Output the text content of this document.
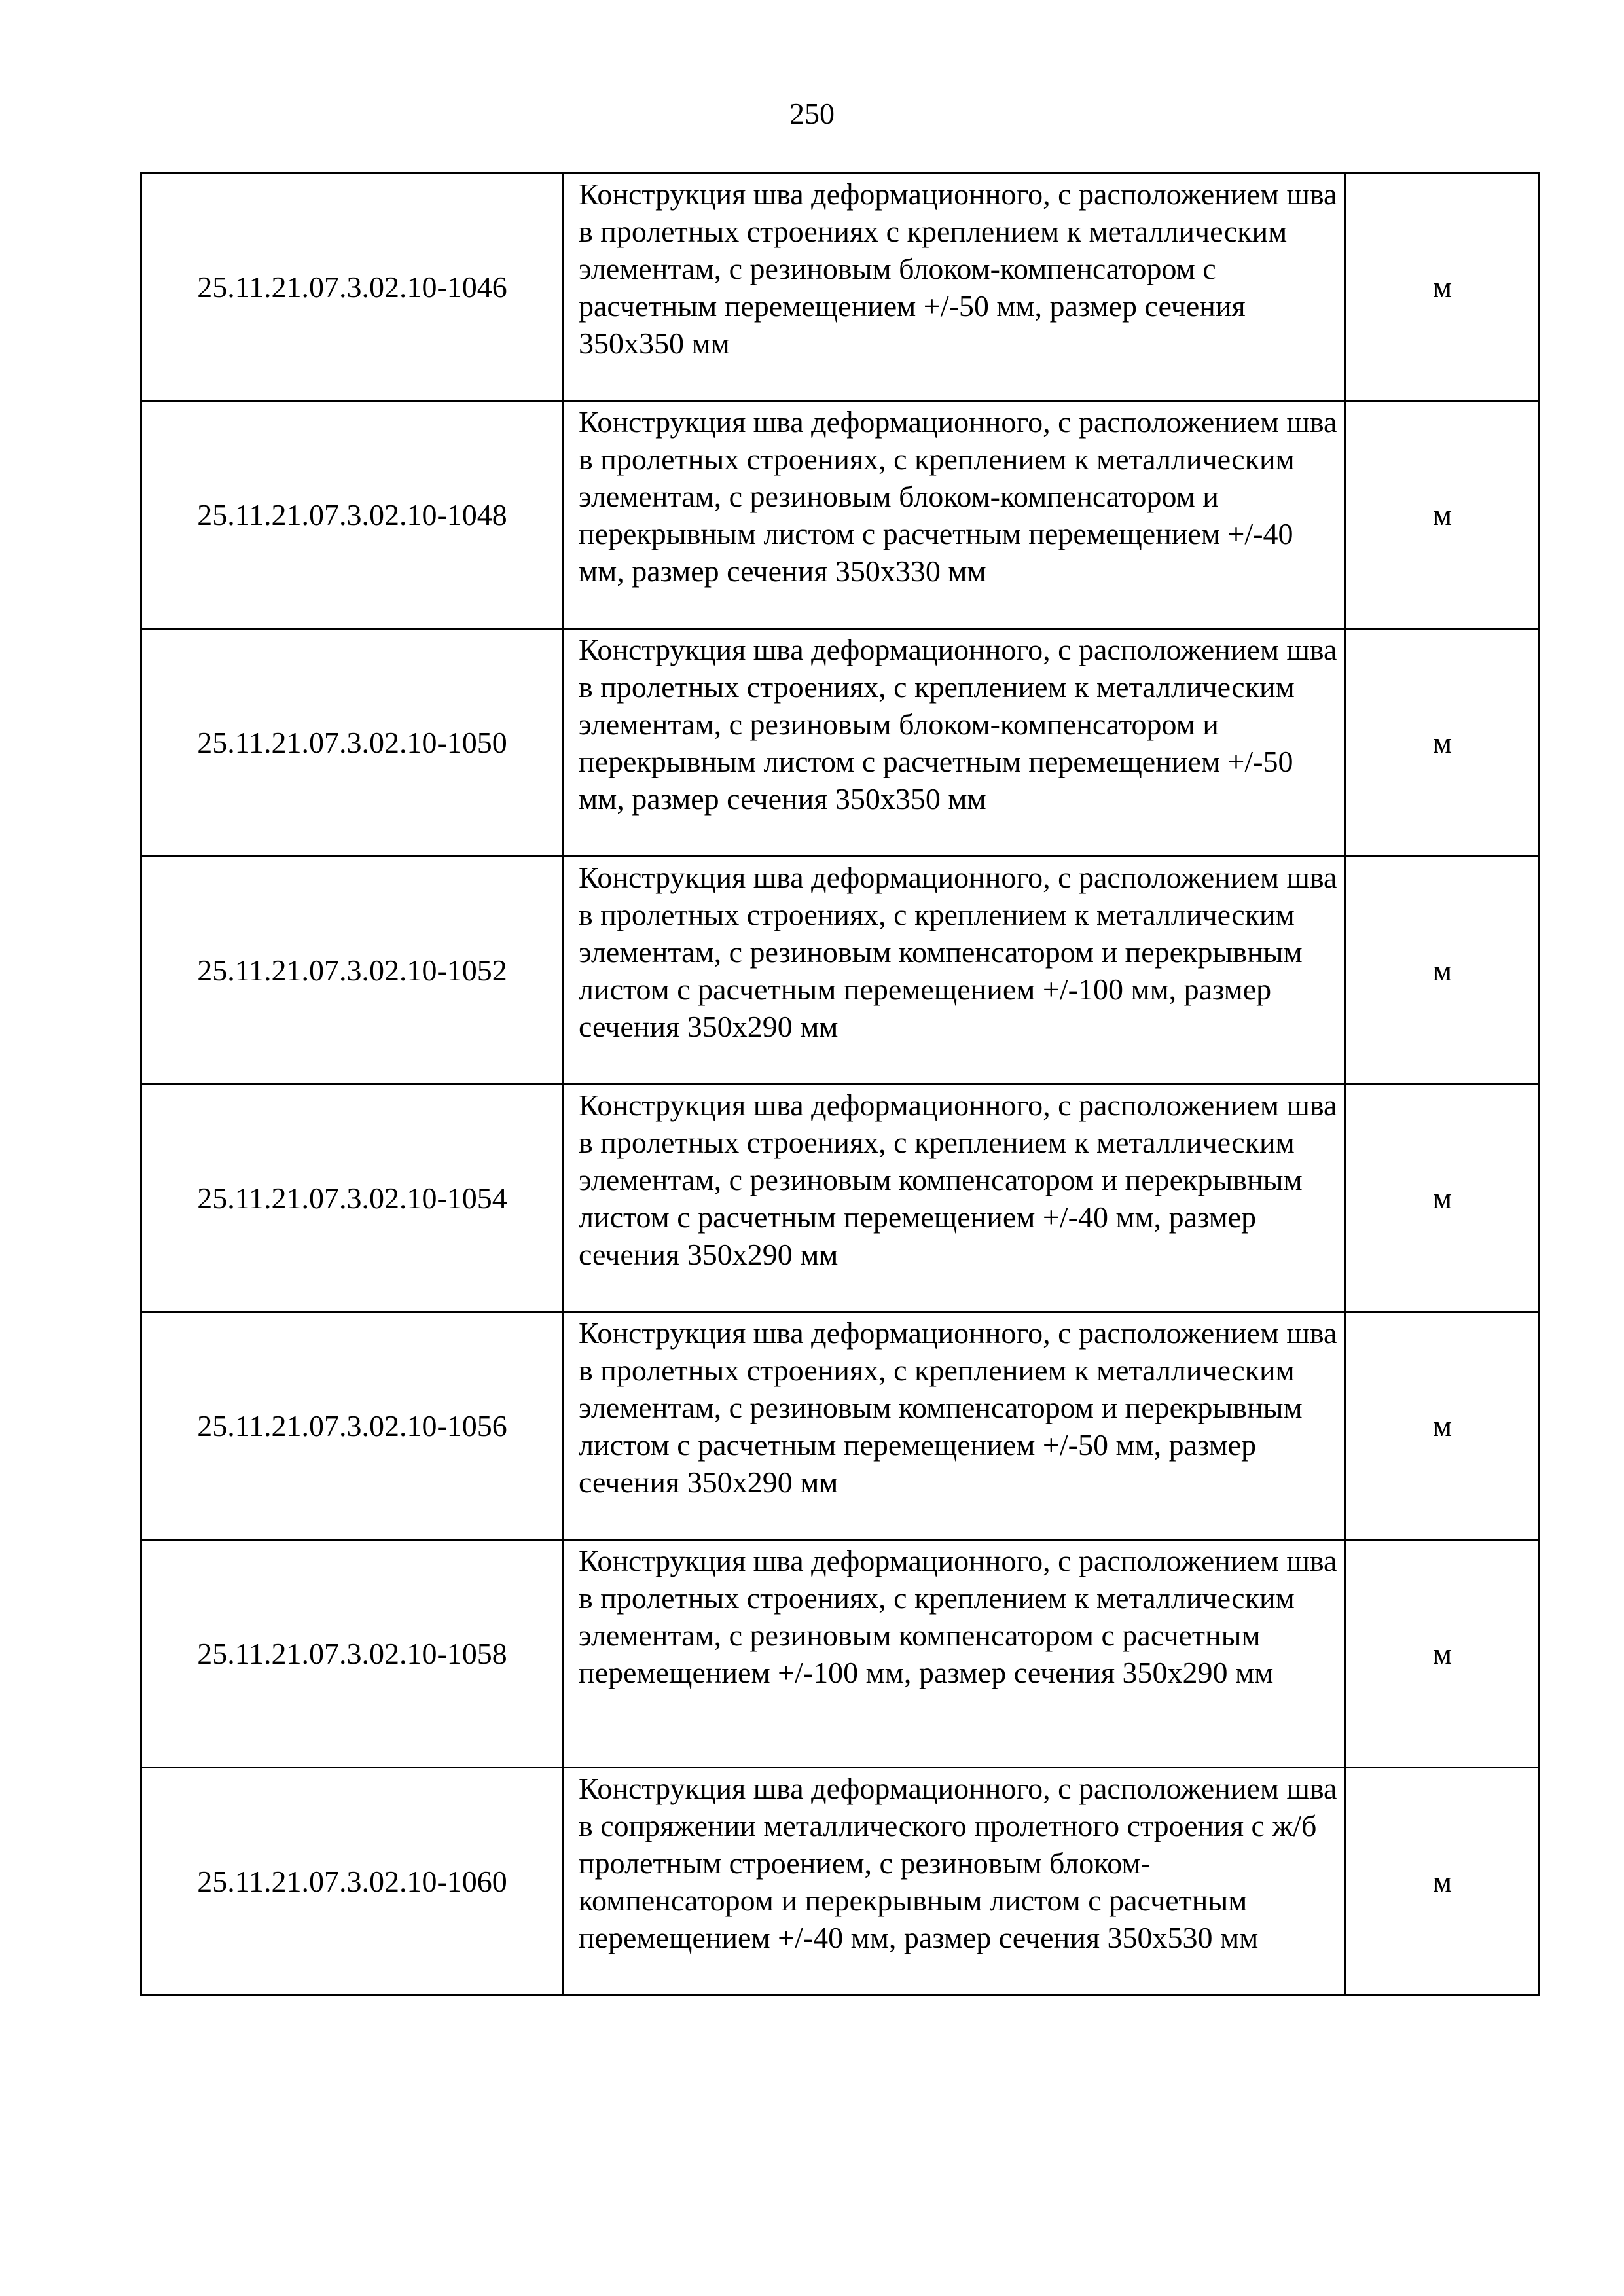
250
25.11.21.07.3.02.10-1046	Конструкция шва деформационного, с расположением шва в пролетных строениях с креплением к металлическим элементам, с резиновым блоком-компенсатором с расчетным перемещением +/-50 мм, размер сечения 350x350 мм	м
25.11.21.07.3.02.10-1048	Конструкция шва деформационного, с расположением шва в пролетных строениях, с креплением к металлическим элементам, с резиновым блоком-компенсатором и перекрывным листом с расчетным перемещением +/-40 мм, размер сечения 350x330 мм	м
25.11.21.07.3.02.10-1050	Конструкция шва деформационного, с расположением шва в пролетных строениях, с креплением к металлическим элементам, с резиновым блоком-компенсатором и перекрывным листом с расчетным перемещением +/-50 мм, размер сечения 350x350 мм	м
25.11.21.07.3.02.10-1052	Конструкция шва деформационного, с расположением шва в пролетных строениях, с креплением к металлическим элементам, с резиновым компенсатором и перекрывным листом с расчетным перемещением +/-100 мм, размер сечения 350x290 мм	м
25.11.21.07.3.02.10-1054	Конструкция шва деформационного, с расположением шва в пролетных строениях, с креплением к металлическим элементам, с резиновым компенсатором и перекрывным листом с расчетным перемещением +/-40 мм, размер сечения 350x290 мм	м
25.11.21.07.3.02.10-1056	Конструкция шва деформационного, с расположением шва в пролетных строениях, с креплением к металлическим элементам, с резиновым компенсатором и перекрывным листом с расчетным перемещением +/-50 мм, размер сечения 350x290 мм	м
25.11.21.07.3.02.10-1058	Конструкция шва деформационного, с расположением шва в пролетных строениях, с креплением к металлическим элементам, с резиновым компенсатором с расчетным перемещением +/-100 мм, размер сечения 350x290 мм	м
25.11.21.07.3.02.10-1060	Конструкция шва деформационного, с расположением шва в сопряжении металлического пролетного строения с ж/б пролетным строением, с резиновым блоком-компенсатором и перекрывным листом с расчетным перемещением +/-40 мм, размер сечения 350x530 мм	м
